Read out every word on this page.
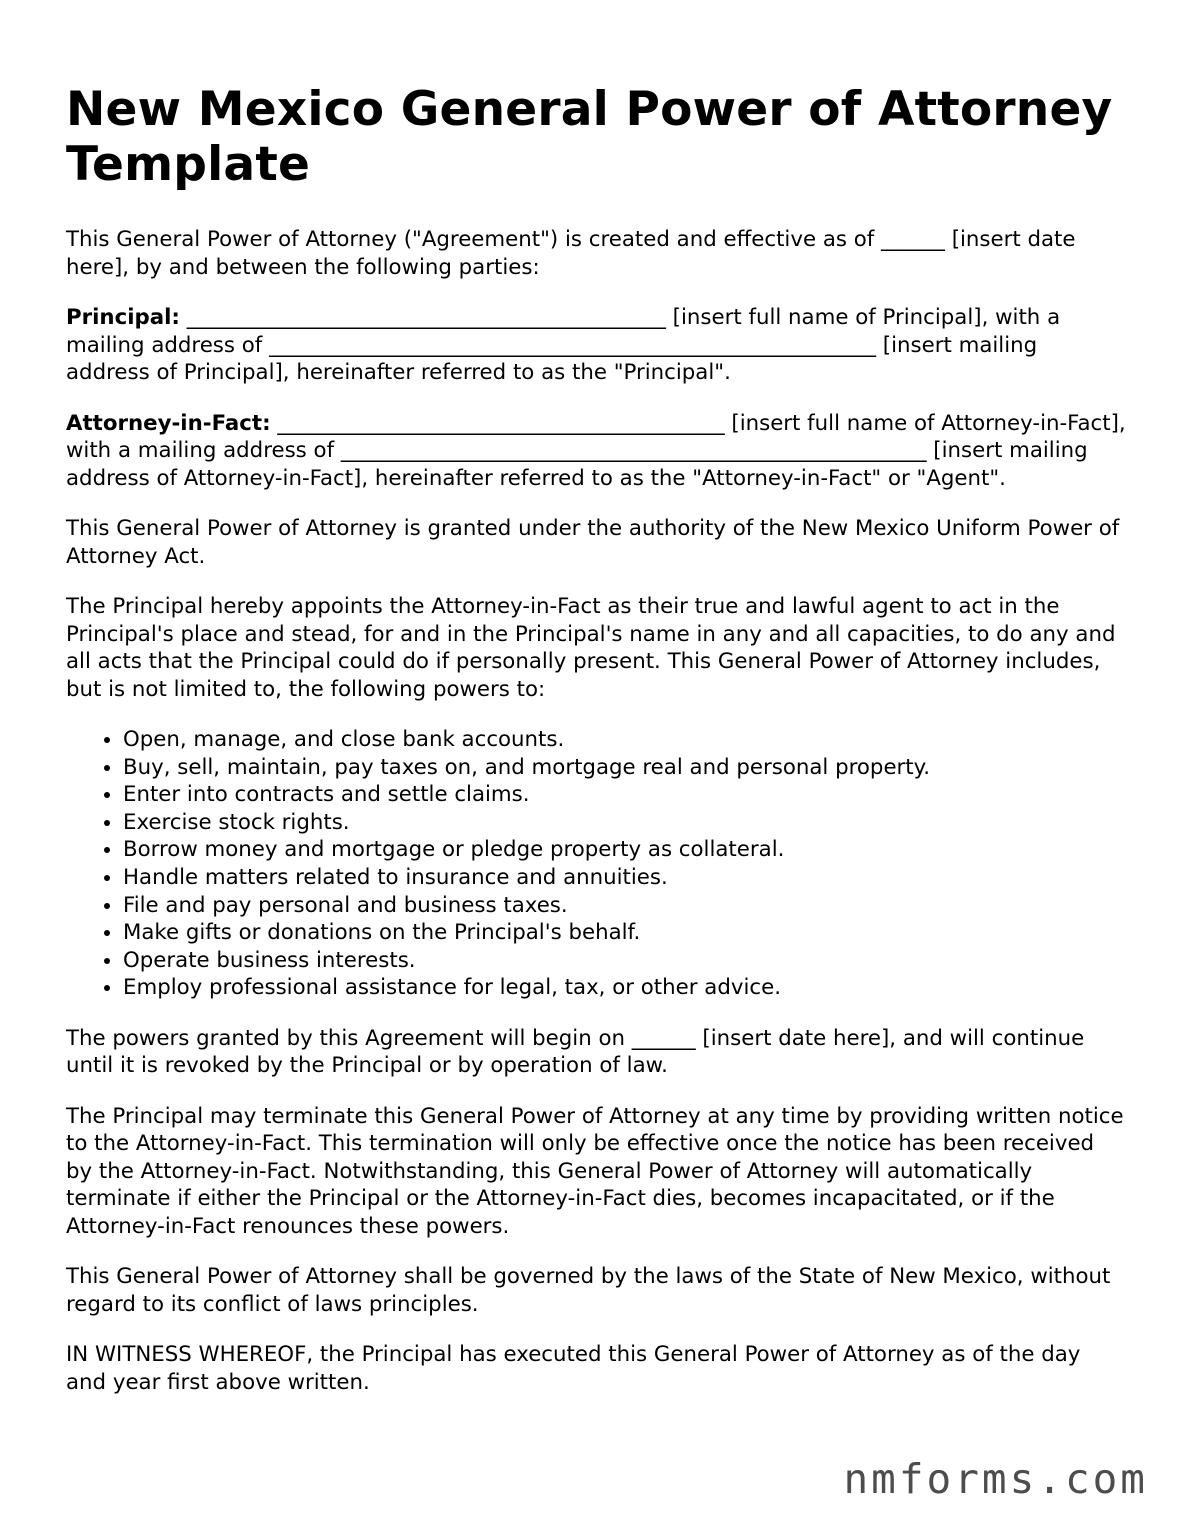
New Mexico General Power of Attorney Template

This General Power of Attorney ("Agreement") is created and effective as of ______ [insert date here], by and between the following parties:

Principal: _____________________________________________ [insert full name of Principal], with a mailing address of _________________________________________________________ [insert mailing address of Principal], hereinafter referred to as the "Principal".

Attorney-in-Fact: __________________________________________ [insert full name of Attorney-in-Fact], with a mailing address of _______________________________________________________ [insert mailing address of Attorney-in-Fact], hereinafter referred to as the "Attorney-in-Fact" or "Agent".

This General Power of Attorney is granted under the authority of the New Mexico Uniform Power of Attorney Act.

The Principal hereby appoints the Attorney-in-Fact as their true and lawful agent to act in the Principal's place and stead, for and in the Principal's name in any and all capacities, to do any and all acts that the Principal could do if personally present. This General Power of Attorney includes, but is not limited to, the following powers to:

• Open, manage, and close bank accounts.
• Buy, sell, maintain, pay taxes on, and mortgage real and personal property.
• Enter into contracts and settle claims.
• Exercise stock rights.
• Borrow money and mortgage or pledge property as collateral.
• Handle matters related to insurance and annuities.
• File and pay personal and business taxes.
• Make gifts or donations on the Principal's behalf.
• Operate business interests.
• Employ professional assistance for legal, tax, or other advice.

The powers granted by this Agreement will begin on ______ [insert date here], and will continue until it is revoked by the Principal or by operation of law.

The Principal may terminate this General Power of Attorney at any time by providing written notice to the Attorney-in-Fact. This termination will only be effective once the notice has been received by the Attorney-in-Fact. Notwithstanding, this General Power of Attorney will automatically terminate if either the Principal or the Attorney-in-Fact dies, becomes incapacitated, or if the Attorney-in-Fact renounces these powers.

This General Power of Attorney shall be governed by the laws of the State of New Mexico, without regard to its conflict of laws principles.

IN WITNESS WHEREOF, the Principal has executed this General Power of Attorney as of the day and year first above written.

nmforms.com
